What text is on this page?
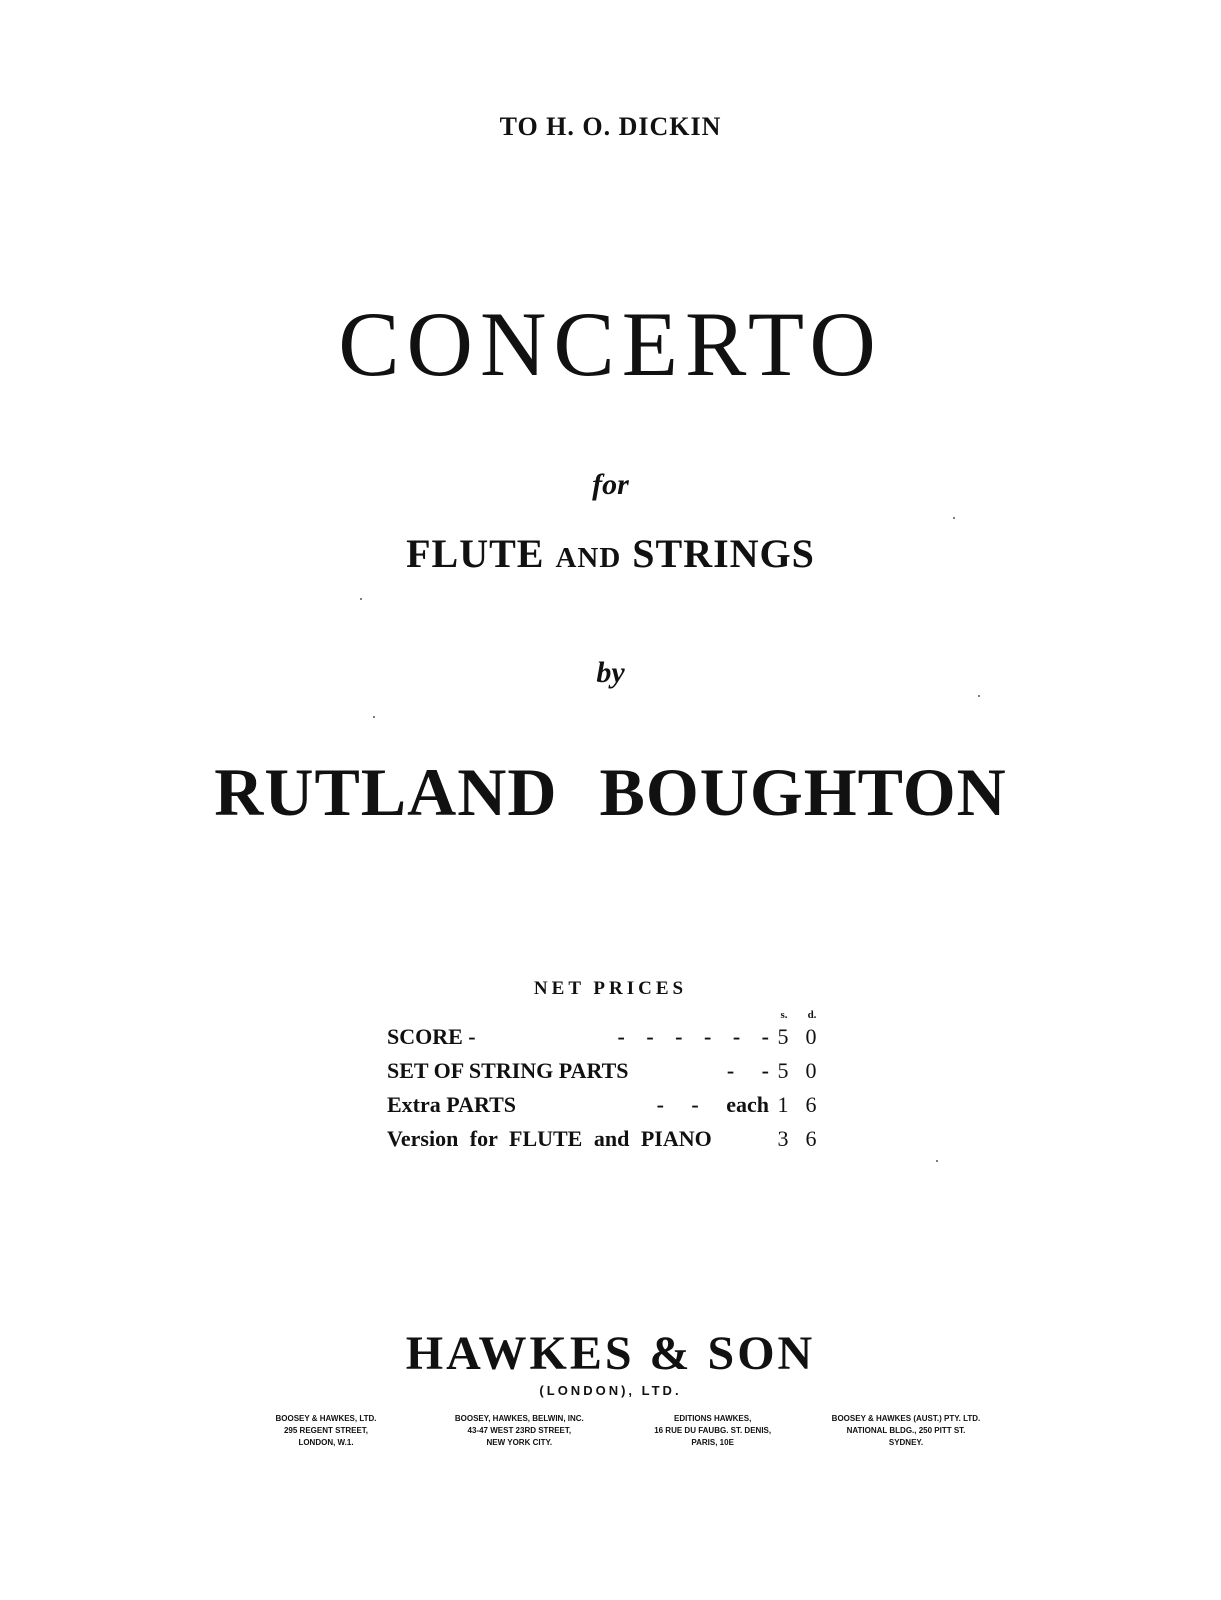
TO H. O. DICKIN
CONCERTO
for
FLUTE AND STRINGS
by
RUTLAND BOUGHTON
NET PRICES
s. d.
SCORE -	- - - - - - 5 0
SET OF STRING PARTS	- - 5 0
Extra PARTS	- - each 1 6
Version for FLUTE and PIANO	3 6
HAWKES & SON
(LONDON), LTD.
BOOSEY & HAWKES, LTD.
295 REGENT STREET,
LONDON, W.1.
BOOSEY, HAWKES, BELWIN, INC.
43-47 WEST 23RD STREET,
NEW YORK CITY.
EDITIONS HAWKES,
16 RUE DU FAUBG. ST. DENIS,
PARIS, 10E
BOOSEY & HAWKES (AUST.) PTY. LTD.
NATIONAL BLDG., 250 PITT ST.
SYDNEY.
